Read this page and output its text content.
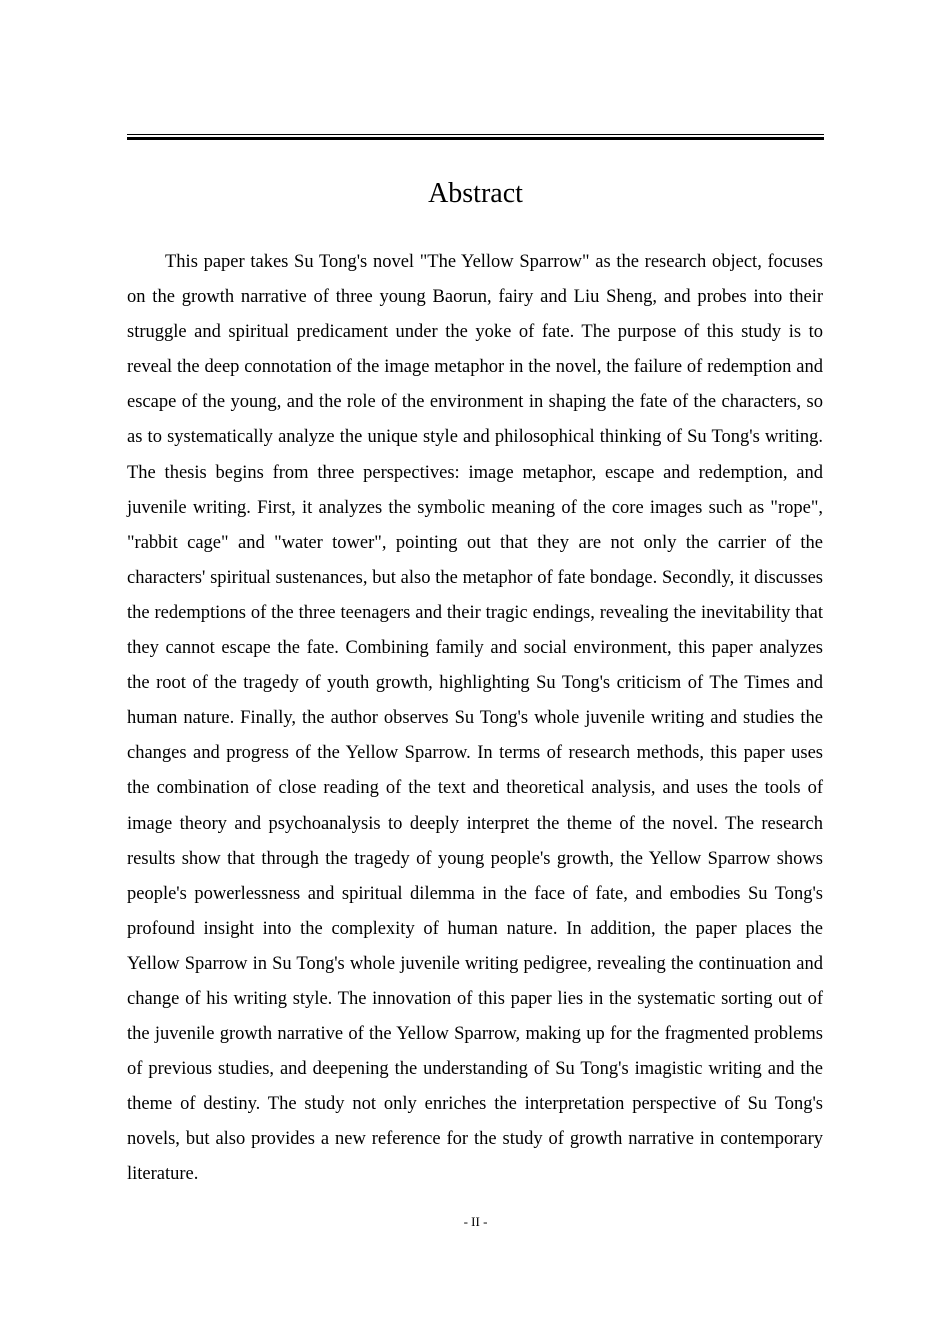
Abstract

This paper takes Su Tong's novel "The Yellow Sparrow" as the research object, focuses on the growth narrative of three young Baorun, fairy and Liu Sheng, and probes into their struggle and spiritual predicament under the yoke of fate. The purpose of this study is to reveal the deep connotation of the image metaphor in the novel, the failure of redemption and escape of the young, and the role of the environment in shaping the fate of the characters, so as to systematically analyze the unique style and philosophical thinking of Su Tong's writing. The thesis begins from three perspectives: image metaphor, escape and redemption, and juvenile writing. First, it analyzes the symbolic meaning of the core images such as "rope", "rabbit cage" and "water tower", pointing out that they are not only the carrier of the characters' spiritual sustenances, but also the metaphor of fate bondage. Secondly, it discusses the redemptions of the three teenagers and their tragic endings, revealing the inevitability that they cannot escape the fate. Combining family and social environment, this paper analyzes the root of the tragedy of youth growth, highlighting Su Tong's criticism of The Times and human nature. Finally, the author observes Su Tong's whole juvenile writing and studies the changes and progress of the Yellow Sparrow. In terms of research methods, this paper uses the combination of close reading of the text and theoretical analysis, and uses the tools of image theory and psychoanalysis to deeply interpret the theme of the novel. The research results show that through the tragedy of young people's growth, the Yellow Sparrow shows people's powerlessness and spiritual dilemma in the face of fate, and embodies Su Tong's profound insight into the complexity of human nature. In addition, the paper places the Yellow Sparrow in Su Tong's whole juvenile writing pedigree, revealing the continuation and change of his writing style. The innovation of this paper lies in the systematic sorting out of the juvenile growth narrative of the Yellow Sparrow, making up for the fragmented problems of previous studies, and deepening the understanding of Su Tong's imagistic writing and the theme of destiny. The study not only enriches the interpretation perspective of Su Tong's novels, but also provides a new reference for the study of growth narrative in contemporary literature.

- II -
